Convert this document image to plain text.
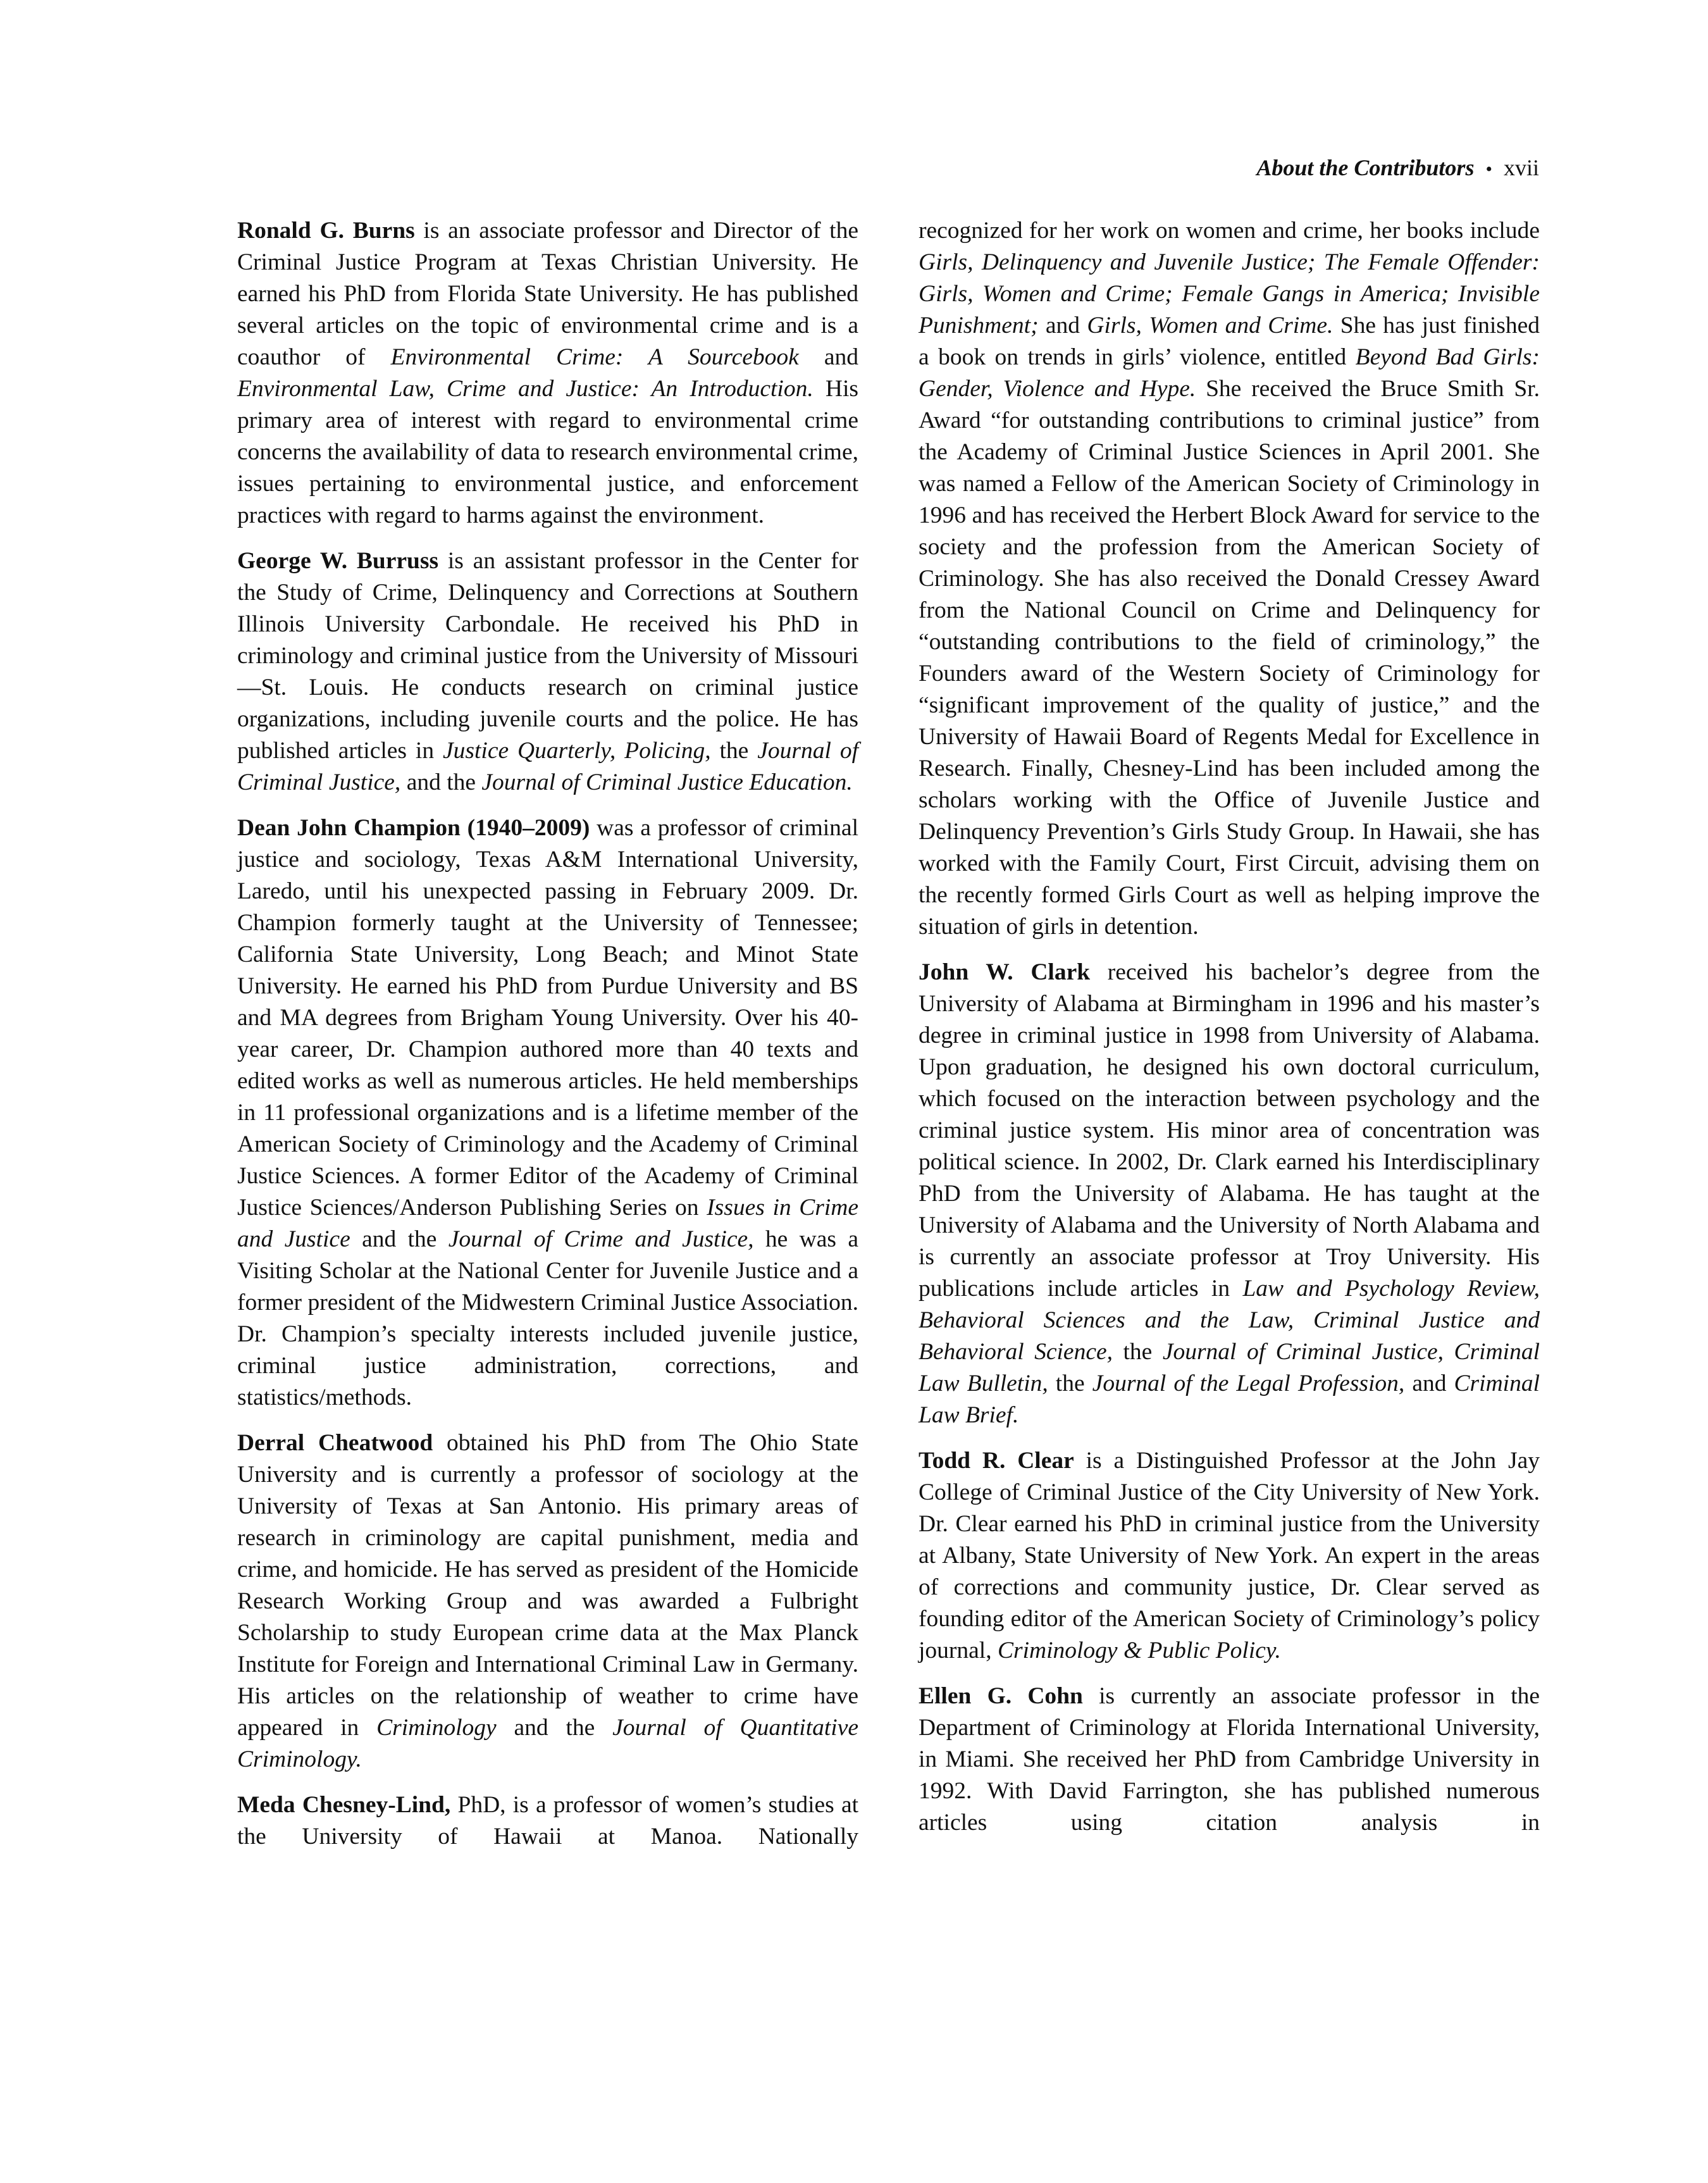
About the Contributors • xvii

Ronald G. Burns is an associate professor and Director of the Criminal Justice Program at Texas Christian University. He earned his PhD from Florida State University. He has published several articles on the topic of environmental crime and is a coauthor of Environmental Crime: A Sourcebook and Environmental Law, Crime and Justice: An Introduction. His primary area of interest with regard to environmental crime concerns the availability of data to research environmental crime, issues pertaining to environmental justice, and enforcement practices with regard to harms against the environment.

George W. Burruss is an assistant professor in the Center for the Study of Crime, Delinquency and Corrections at Southern Illinois University Carbondale. He received his PhD in criminology and criminal justice from the University of Missouri—St. Louis. He conducts research on criminal justice organizations, including juvenile courts and the police. He has published articles in Justice Quarterly, Policing, the Journal of Criminal Justice, and the Journal of Criminal Justice Education.

Dean John Champion (1940–2009) was a professor of criminal justice and sociology, Texas A&M International University, Laredo, until his unexpected passing in February 2009. Dr. Champion formerly taught at the University of Tennessee; California State University, Long Beach; and Minot State University. He earned his PhD from Purdue University and BS and MA degrees from Brigham Young University. Over his 40-year career, Dr. Champion authored more than 40 texts and edited works as well as numerous articles. He held memberships in 11 professional organizations and is a lifetime member of the American Society of Criminology and the Academy of Criminal Justice Sciences. A former Editor of the Academy of Criminal Justice Sciences/Anderson Publishing Series on Issues in Crime and Justice and the Journal of Crime and Justice, he was a Visiting Scholar at the National Center for Juvenile Justice and a former president of the Midwestern Criminal Justice Association. Dr. Champion’s specialty interests included juvenile justice, criminal justice administration, corrections, and statistics/methods.

Derral Cheatwood obtained his PhD from The Ohio State University and is currently a professor of sociology at the University of Texas at San Antonio. His primary areas of research in criminology are capital punishment, media and crime, and homicide. He has served as president of the Homicide Research Working Group and was awarded a Fulbright Scholarship to study European crime data at the Max Planck Institute for Foreign and International Criminal Law in Germany. His articles on the relationship of weather to crime have appeared in Criminology and the Journal of Quantitative Criminology.

Meda Chesney-Lind, PhD, is a professor of women’s studies at the University of Hawaii at Manoa. Nationally

recognized for her work on women and crime, her books include Girls, Delinquency and Juvenile Justice; The Female Offender: Girls, Women and Crime; Female Gangs in America; Invisible Punishment; and Girls, Women and Crime. She has just finished a book on trends in girls’ violence, entitled Beyond Bad Girls: Gender, Violence and Hype. She received the Bruce Smith Sr. Award “for outstanding contributions to criminal justice” from the Academy of Criminal Justice Sciences in April 2001. She was named a Fellow of the American Society of Criminology in 1996 and has received the Herbert Block Award for service to the society and the profession from the American Society of Criminology. She has also received the Donald Cressey Award from the National Council on Crime and Delinquency for “outstanding contributions to the field of criminology,” the Founders award of the Western Society of Criminology for “significant improvement of the quality of justice,” and the University of Hawaii Board of Regents Medal for Excellence in Research. Finally, Chesney-Lind has been included among the scholars working with the Office of Juvenile Justice and Delinquency Prevention’s Girls Study Group. In Hawaii, she has worked with the Family Court, First Circuit, advising them on the recently formed Girls Court as well as helping improve the situation of girls in detention.

John W. Clark received his bachelor’s degree from the University of Alabama at Birmingham in 1996 and his master’s degree in criminal justice in 1998 from University of Alabama. Upon graduation, he designed his own doctoral curriculum, which focused on the interaction between psychology and the criminal justice system. His minor area of concentration was political science. In 2002, Dr. Clark earned his Interdisciplinary PhD from the University of Alabama. He has taught at the University of Alabama and the University of North Alabama and is currently an associate professor at Troy University. His publications include articles in Law and Psychology Review, Behavioral Sciences and the Law, Criminal Justice and Behavioral Science, the Journal of Criminal Justice, Criminal Law Bulletin, the Journal of the Legal Profession, and Criminal Law Brief.

Todd R. Clear is a Distinguished Professor at the John Jay College of Criminal Justice of the City University of New York. Dr. Clear earned his PhD in criminal justice from the University at Albany, State University of New York. An expert in the areas of corrections and community justice, Dr. Clear served as founding editor of the American Society of Criminology’s policy journal, Criminology & Public Policy.

Ellen G. Cohn is currently an associate professor in the Department of Criminology at Florida International University, in Miami. She received her PhD from Cambridge University in 1992. With David Farrington, she has published numerous articles using citation analysis in
